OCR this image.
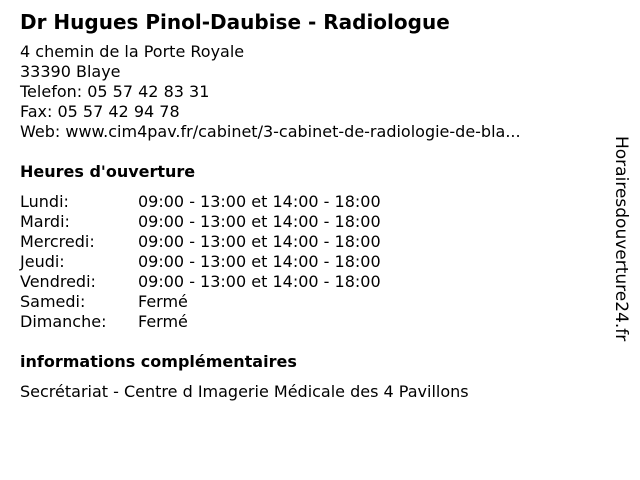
Dr Hugues Pinol-Daubise - Radiologue
4 chemin de la Porte Royale
33390 Blaye
Telefon: 05 57 42 83 31
Fax: 05 57 42 94 78
Web: www.cim4pav.fr/cabinet/3-cabinet-de-radiologie-de-bla...
Heures d'ouverture
Lundi:	09:00 - 13:00 et 14:00 - 18:00
Mardi:	09:00 - 13:00 et 14:00 - 18:00
Mercredi:	09:00 - 13:00 et 14:00 - 18:00
Jeudi:	09:00 - 13:00 et 14:00 - 18:00
Vendredi:	09:00 - 13:00 et 14:00 - 18:00
Samedi:	Fermé
Dimanche:	Fermé
informations complémentaires
Secrétariat - Centre d Imagerie Médicale des 4 Pavillons
Horairesdouverture24.fr
